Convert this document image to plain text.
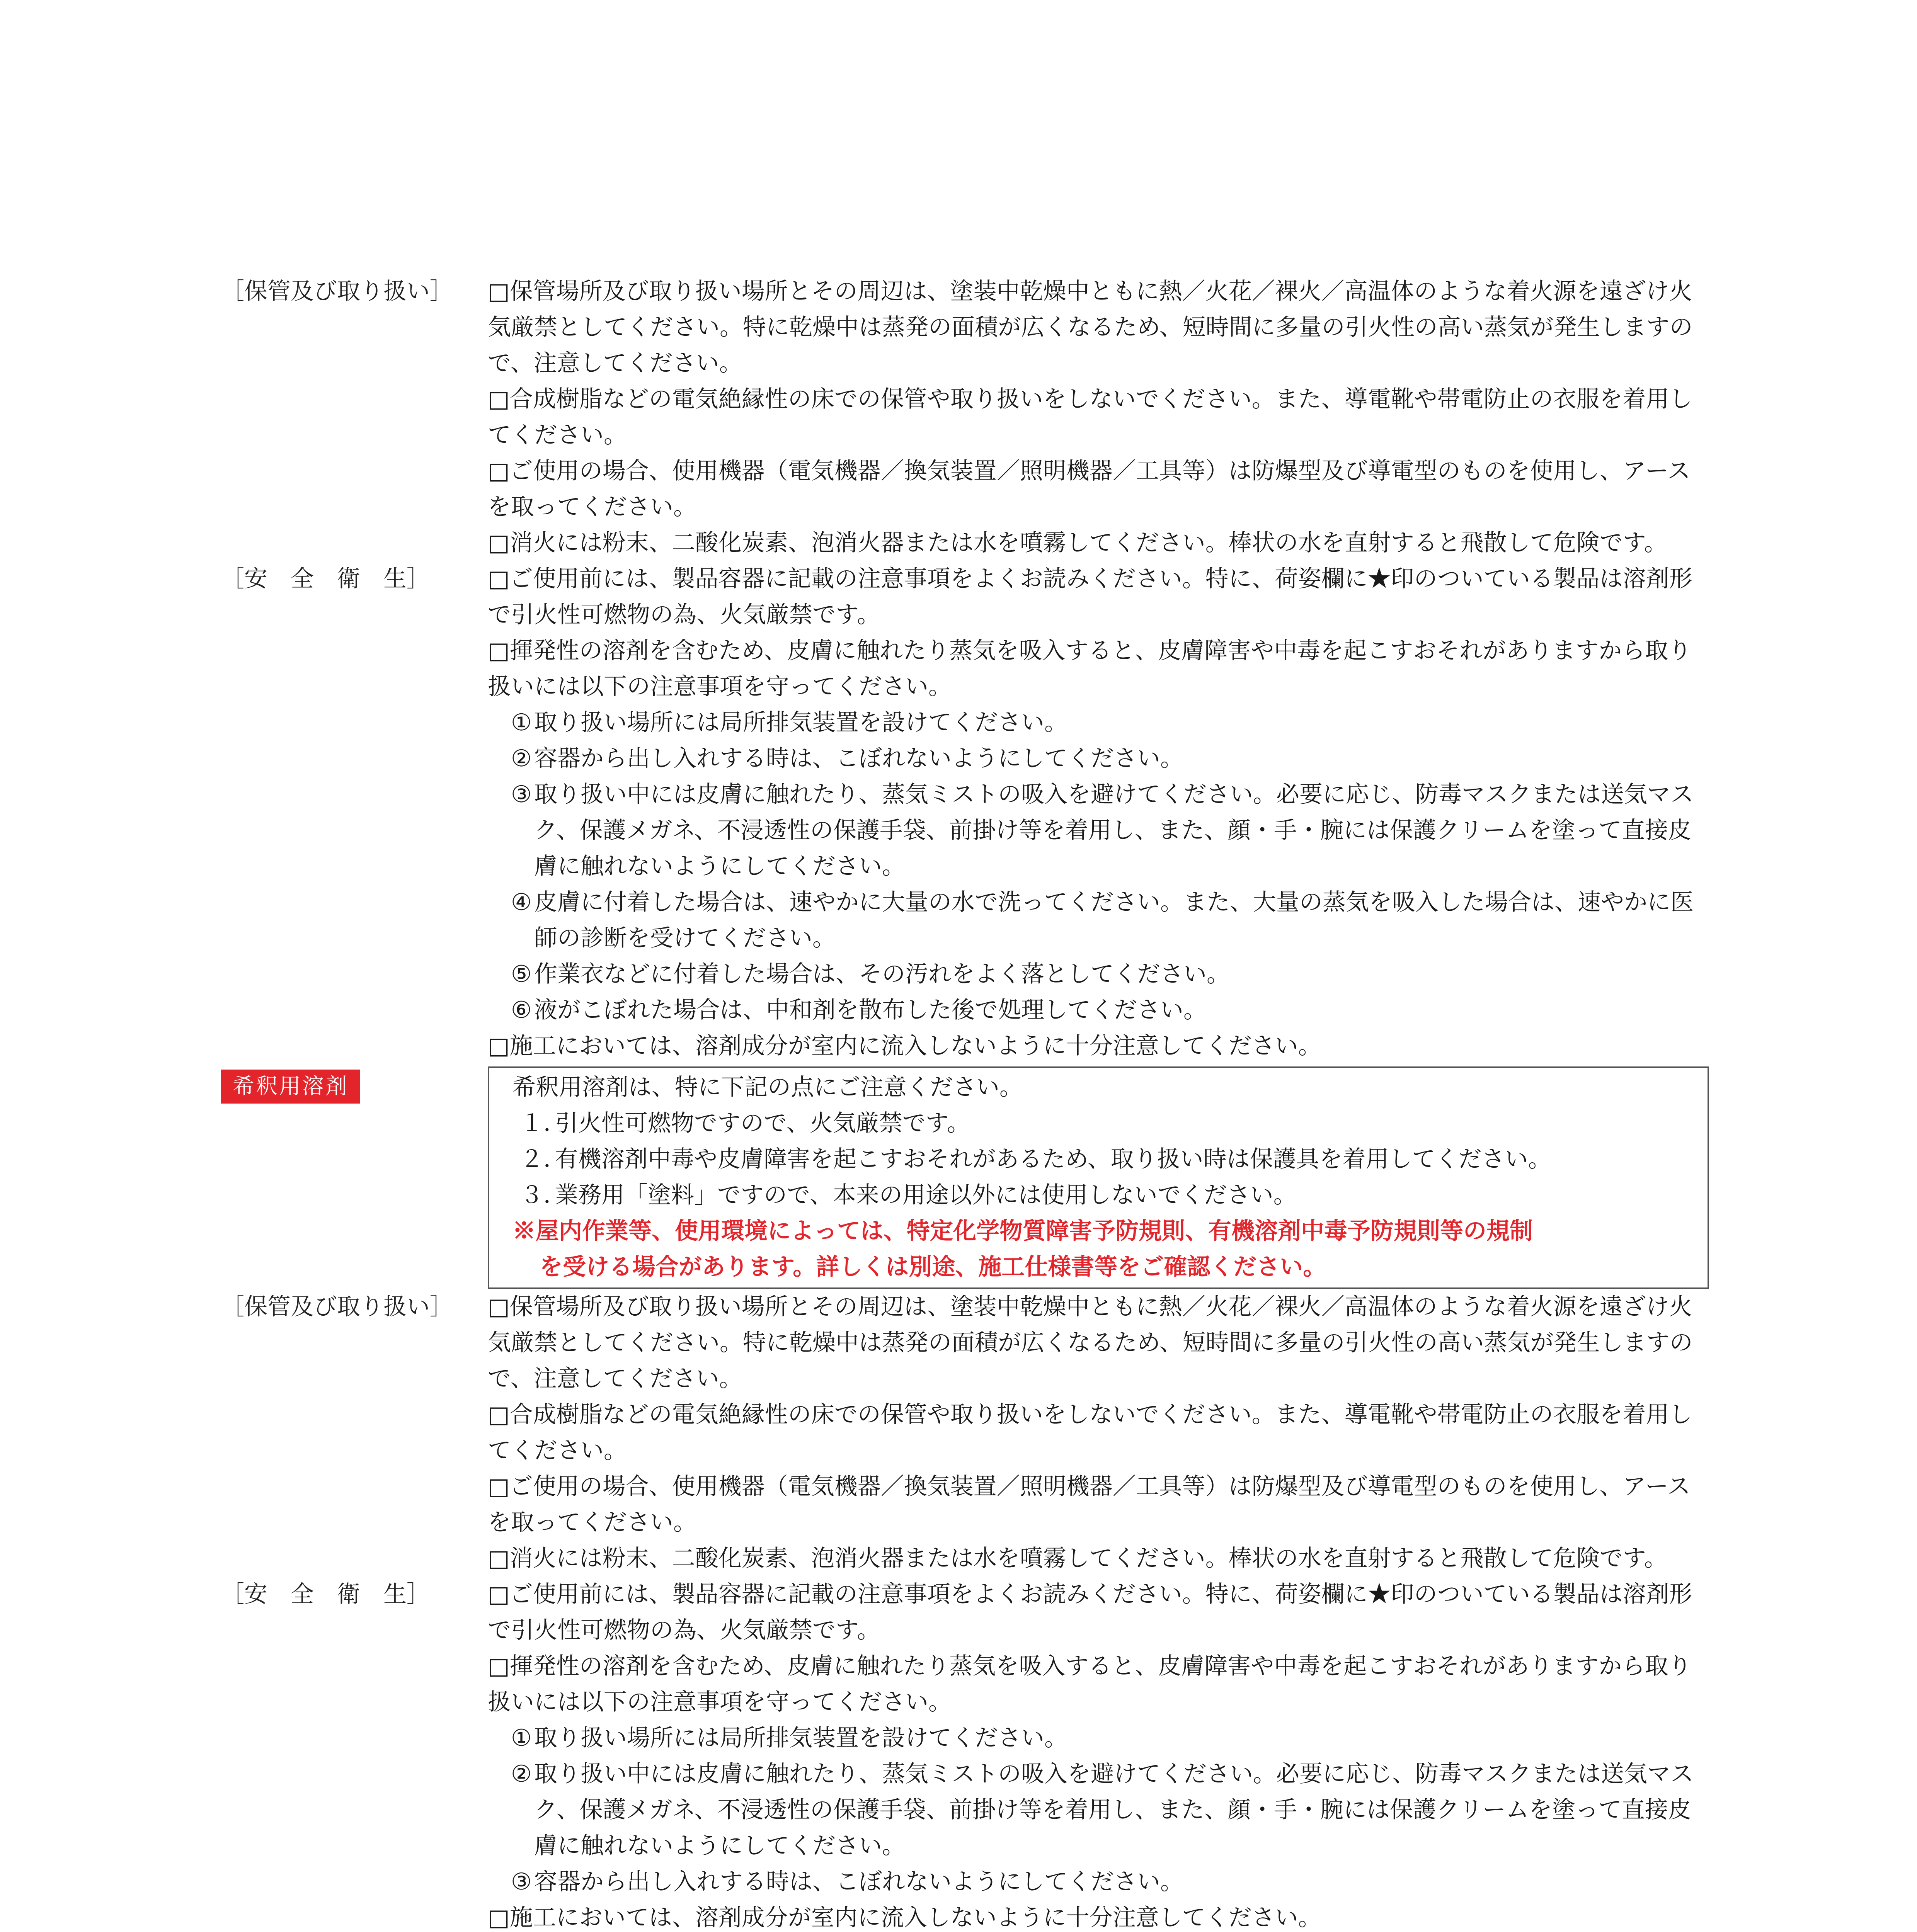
［保管及び取り扱い］	□保管場所及び取り扱い場所とその周辺は、塗装中乾燥中ともに熱／火花／裸火／高温体のような着火源を遠ざけ火気厳禁としてください。特に乾燥中は蒸発の面積が広くなるため、短時間に多量の引火性の高い蒸気が発生しますので、注意してください。
□合成樹脂などの電気絶縁性の床での保管や取り扱いをしないでください。また、導電靴や帯電防止の衣服を着用してください。
□ご使用の場合、使用機器（電気機器／換気装置／照明機器／工具等）は防爆型及び導電型のものを使用し、アースを取ってください。
□消火には粉末、二酸化炭素、泡消火器または水を噴霧してください。棒状の水を直射すると飛散して危険です。
［安　全　衛　生］	□ご使用前には、製品容器に記載の注意事項をよくお読みください。特に、荷姿欄に★印のついている製品は溶剤形で引火性可燃物の為、火気厳禁です。
□揮発性の溶剤を含むため、皮膚に触れたり蒸気を吸入すると、皮膚障害や中毒を起こすおそれがありますから取り扱いには以下の注意事項を守ってください。
① 取り扱い場所には局所排気装置を設けてください。
② 容器から出し入れする時は、こぼれないようにしてください。
③ 取り扱い中には皮膚に触れたり、蒸気ミストの吸入を避けてください。必要に応じ、防毒マスクまたは送気マスク、保護メガネ、不浸透性の保護手袋、前掛け等を着用し、また、顔・手・腕には保護クリームを塗って直接皮膚に触れないようにしてください。
④ 皮膚に付着した場合は、速やかに大量の水で洗ってください。また、大量の蒸気を吸入した場合は、速やかに医師の診断を受けてください。
⑤ 作業衣などに付着した場合は、その汚れをよく落としてください。
⑥ 液がこぼれた場合は、中和剤を散布した後で処理してください。
□施工においては、溶剤成分が室内に流入しないように十分注意してください。
希釈用溶剤	希釈用溶剤は、特に下記の点にご注意ください。
１．
引火性可燃物ですので、火気厳禁です。
２．
有機溶剤中毒や皮膚障害を起こすおそれがあるため、取り扱い時は保護具を着用してください。
３．
業務用「塗料」ですので、本来の用途以外には使用しないでください。
※屋内作業等、使用環境によっては、特定化学物質障害予防規則、有機溶剤中毒予防規則等の規制
を受ける場合があります。詳しくは別途、施工仕様書等をご確認ください。
［保管及び取り扱い］	□保管場所及び取り扱い場所とその周辺は、塗装中乾燥中ともに熱／火花／裸火／高温体のような着火源を遠ざけ火気厳禁としてください。特に乾燥中は蒸発の面積が広くなるため、短時間に多量の引火性の高い蒸気が発生しますので、注意してください。
□合成樹脂などの電気絶縁性の床での保管や取り扱いをしないでください。また、導電靴や帯電防止の衣服を着用してください。
□ご使用の場合、使用機器（電気機器／換気装置／照明機器／工具等）は防爆型及び導電型のものを使用し、アースを取ってください。
□消火には粉末、二酸化炭素、泡消火器または水を噴霧してください。棒状の水を直射すると飛散して危険です。
［安　全　衛　生］	□ご使用前には、製品容器に記載の注意事項をよくお読みください。特に、荷姿欄に★印のついている製品は溶剤形で引火性可燃物の為、火気厳禁です。
□揮発性の溶剤を含むため、皮膚に触れたり蒸気を吸入すると、皮膚障害や中毒を起こすおそれがありますから取り扱いには以下の注意事項を守ってください。
① 取り扱い場所には局所排気装置を設けてください。
② 取り扱い中には皮膚に触れたり、蒸気ミストの吸入を避けてください。必要に応じ、防毒マスクまたは送気マスク、保護メガネ、不浸透性の保護手袋、前掛け等を着用し、また、顔・手・腕には保護クリームを塗って直接皮膚に触れないようにしてください。
③ 容器から出し入れする時は、こぼれないようにしてください。
□施工においては、溶剤成分が室内に流入しないように十分注意してください。
